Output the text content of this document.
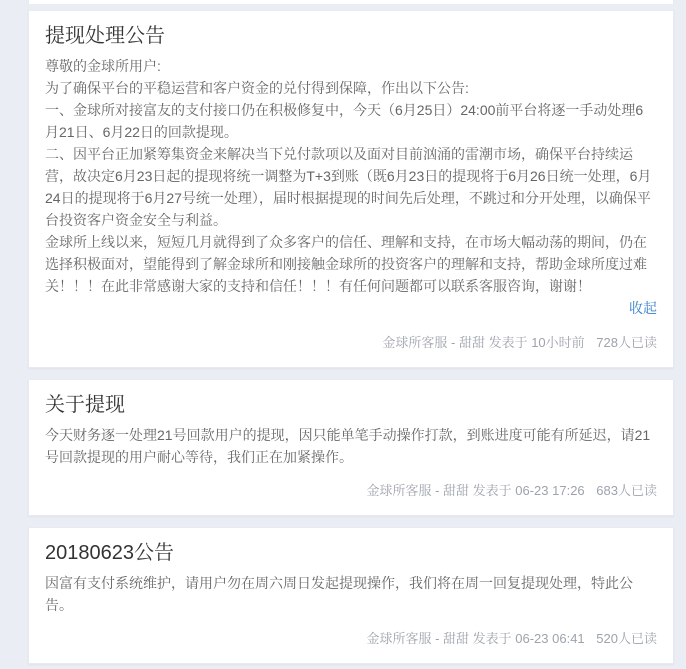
提现处理公告

尊敬的金球所用户:

为了确保平台的平稳运营和客户资金的兑付得到保障，作出以下公告:

一、金球所对接富友的支付接口仍在积极修复中，今天（6月25日）24:00前平台将逐一手动处理6月21日、6月22日的回款提现。

二、因平台正加紧筹集资金来解决当下兑付款项以及面对目前汹涌的雷潮市场，确保平台持续运营，故决定6月23日起的提现将统一调整为T+3到账（既6月23日的提现将于6月26日统一处理，6月24日的提现将于6月27号统一处理），届时根据提现的时间先后处理，不跳过和分开处理，以确保平台投资客户资金安全与利益。

金球所上线以来，短短几月就得到了众多客户的信任、理解和支持，在市场大幅动荡的期间，仍在选择积极面对，望能得到了解金球所和刚接触金球所的投资客户的理解和支持，帮助金球所度过难关！！！在此非常感谢大家的支持和信任！！！有任何问题都可以联系客服咨询，谢谢！

收起
金球所客服 - 甜甜 发表于 10小时前 728人已读
关于提现

今天财务逐一处理21号回款用户的提现，因只能单笔手动操作打款，到账进度可能有所延迟，请21号回款提现的用户耐心等待，我们正在加紧操作。

金球所客服 - 甜甜 发表于 06-23 17:26 683人已读
20180623公告

因富有支付系统维护，请用户勿在周六周日发起提现操作，我们将在周一回复提现处理，特此公告。

金球所客服 - 甜甜 发表于 06-23 06:41 520人已读
